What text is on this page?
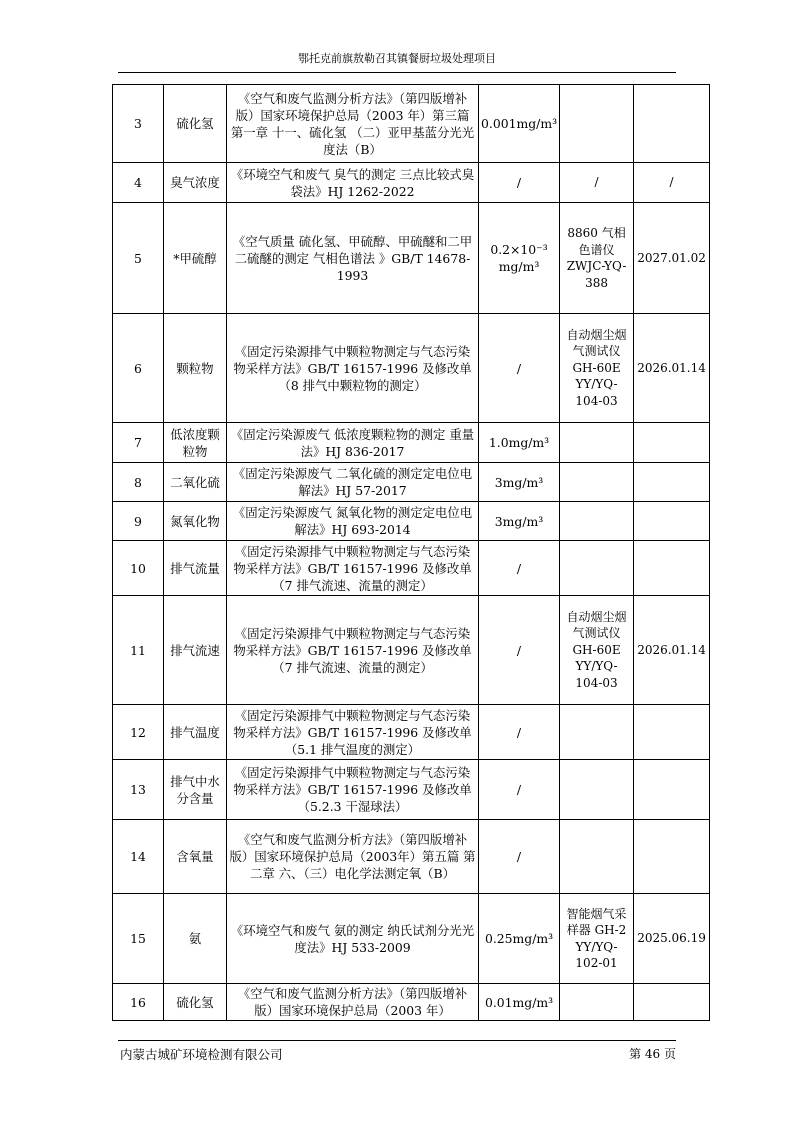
鄂托克前旗敖勒召其镇餐厨垃圾处理项目
3	硫化氢	《空气和废气监测分析方法》（第四版增补版）国家环境保护总局（2003 年）第三篇 第一章 十一、硫化氢 （二）亚甲基蓝分光光度法（B）	0.001mg/m³		
4	臭气浓度	《环境空气和废气 臭气的测定 三点比较式臭袋法》HJ 1262-2022	/	/	/
5	*甲硫醇	《空气质量 硫化氢、甲硫醇、甲硫醚和二甲二硫醚的测定 气相色谱法 》GB/T 14678-1993	0.2×10⁻³ mg/m³	8860 气相色谱仪 ZWJC-YQ-388	2027.01.02
6	颗粒物	《固定污染源排气中颗粒物测定与气态污染物采样方法》GB/T 16157-1996 及修改单（8 排气中颗粒物的测定）	/	自动烟尘烟气测试仪 GH-60E YY/YQ-104-03	2026.01.14
7	低浓度颗粒物	《固定污染源废气 低浓度颗粒物的测定 重量法》HJ 836-2017	1.0mg/m³		
8	二氧化硫	《固定污染源废气 二氧化硫的测定定电位电解法》HJ 57-2017	3mg/m³		
9	氮氧化物	《固定污染源废气 氮氧化物的测定定电位电解法》HJ 693-2014	3mg/m³		
10	排气流量	《固定污染源排气中颗粒物测定与气态污染物采样方法》GB/T 16157-1996 及修改单（7 排气流速、流量的测定）	/		
11	排气流速	《固定污染源排气中颗粒物测定与气态污染物采样方法》GB/T 16157-1996 及修改单（7 排气流速、流量的测定）	/	自动烟尘烟气测试仪 GH-60E YY/YQ-104-03	2026.01.14
12	排气温度	《固定污染源排气中颗粒物测定与气态污染物采样方法》GB/T 16157-1996 及修改单（5.1 排气温度的测定）	/		
13	排气中水分含量	《固定污染源排气中颗粒物测定与气态污染物采样方法》GB/T 16157-1996 及修改单（5.2.3 干湿球法）	/		
14	含氧量	《空气和废气监测分析方法》（第四版增补版）国家环境保护总局（2003年）第五篇 第二章 六、（三）电化学法测定氧（B）	/		
15	氨	《环境空气和废气 氨的测定 纳氏试剂分光光度法》HJ 533-2009	0.25mg/m³	智能烟气采样器 GH-2 YY/YQ-102-01	2025.06.19
16	硫化氢	《空气和废气监测分析方法》（第四版增补版）国家环境保护总局（2003 年）	0.01mg/m³		
内蒙古城矿环境检测有限公司	第 46 页
